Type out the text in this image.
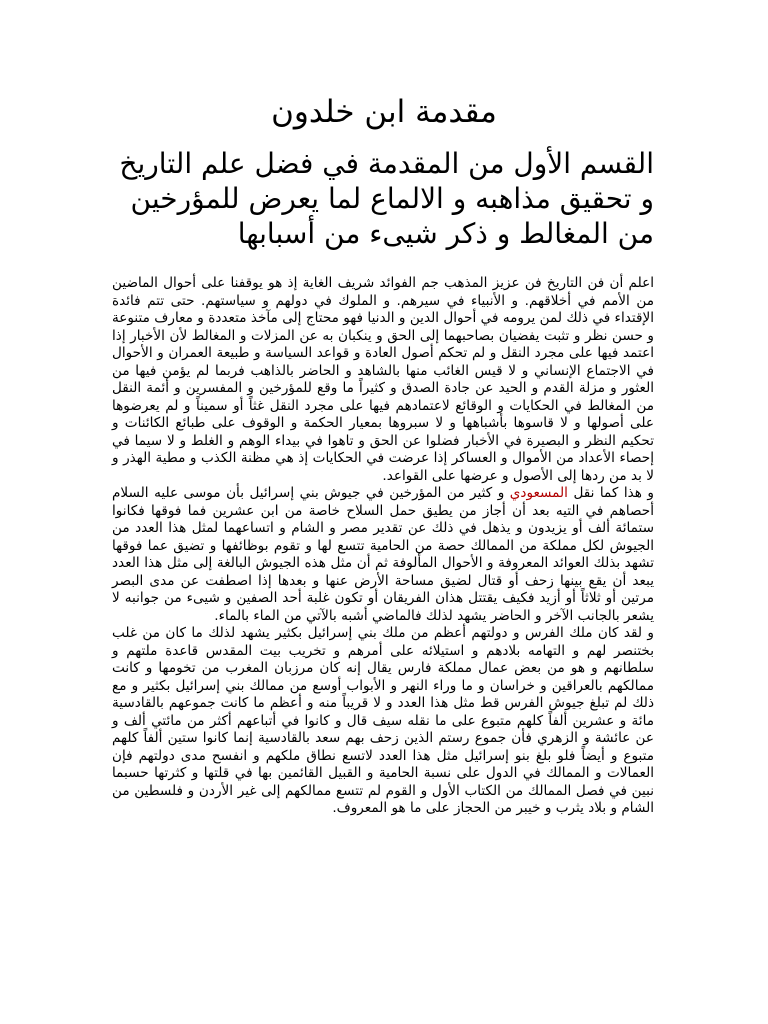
مقدمة ابن خلدون
القسم الأول من المقدمة في فضل علم التاريخ و تحقيق مذاهبه و الالماع لما يعرض للمؤرخين من المغالط و ذكر شيىء من أسبابها

اعلم أن فن التاريخ فن عزيز المذهب جم الفوائد شريف الغاية إذ هو يوقفنا على أحوال الماضين من الأمم في أخلاقهم. و الأنبياء في سيرهم. و الملوك في دولهم و سياستهم. حتى تتم فائدة الإقتداء في ذلك لمن يرومه في أحوال الدين و الدنيا فهو محتاج إلى مآخذ متعددة و معارف متنوعة و حسن نظر و تثبت يفضيان بصاحبهما إلى الحق و ينكبان به عن المزلات و المغالط لأن الأخبار إذا اعتمد فيها على مجرد النقل و لم تحكم أصول العادة و قواعد السياسة و طبيعة العمران و الأحوال في الاجتماع الإنساني و لا قيس الغائب منها بالشاهد و الحاضر بالذاهب فربما لم يؤمن فيها من العثور و مزلة القدم و الحيد عن جادة الصدق و كثيراً ما وقع للمؤرخين و المفسرين و أئمة النقل من المغالط في الحكايات و الوقائع لاعتمادهم فيها على مجرد النقل غثاً أو سميناً و لم يعرضوها على أصولها و لا قاسوها بأشباهها و لا سبروها بمعيار الحكمة و الوقوف على طبائع الكائنات و تحكيم النظر و البصيرة في الأخبار فضلوا عن الحق و تاهوا في بيداء الوهم و الغلط و لا سيما في إحصاء الأعداد من الأموال و العساكر إذا عرضت في الحكايات إذ هي مظنة الكذب و مطية الهذر و لا بد من ردها إلى الأصول و عرضها على القواعد.

و هذا كما نقل المسعودي و كثير من المؤرخين في جيوش بني إسرائيل بأن موسى عليه السلام أحصاهم في التيه بعد أن أجاز من يطيق حمل السلاح خاصة من ابن عشرين فما فوقها فكانوا ستمائة ألف أو يزيدون و يذهل في ذلك عن تقدير مصر و الشام و اتساعهما لمثل هذا العدد من الجيوش لكل مملكة من الممالك حصة من الحامية تتسع لها و تقوم بوظائفها و تضيق عما فوقها تشهد بذلك العوائد المعروفة و الأحوال المألوفة ثم أن مثل هذه الجيوش البالغة إلى مثل هذا العدد يبعد أن يقع بينها زحف أو قتال لضيق مساحة الأرض عنها و بعدها إذا اصطفت عن مدى البصر مرتين أو ثلاثاً أو أزيد فكيف يقتتل هذان الفريقان أو تكون غلبة أحد الصفين و شيىء من جوانبه لا يشعر بالجانب الآخر و الحاضر يشهد لذلك فالماضي أشبه بالآتي من الماء بالماء.

و لقد كان ملك الفرس و دولتهم أعظم من ملك بني إسرائيل بكثير يشهد لذلك ما كان من غلب بختنصر لهم و التهامه بلادهم و استيلائه على أمرهم و تخريب بيت المقدس قاعدة ملتهم و سلطانهم و هو من بعض عمال مملكة فارس يقال إنه كان مرزبان المغرب من تخومها و كانت ممالكهم بالعراقين و خراسان و ما وراء النهر و الأبواب أوسع من ممالك بني إسرائيل بكثير و مع ذلك لم تبلغ جيوش الفرس قط مثل هذا العدد و لا قريباً منه و أعظم ما كانت جموعهم بالقادسية مائة و عشرين ألفاً كلهم متبوع على ما نقله سيف قال و كانوا في أتباعهم أكثر من مائتي ألف و عن عائشة و الزهري فأن جموع رستم الذين زحف بهم سعد بالقادسية إنما كانوا ستين ألفاً كلهم متبوع و أيضاً فلو بلغ بنو إسرائيل مثل هذا العدد لاتسع نطاق ملكهم و انفسح مدى دولتهم فإن العمالات و الممالك في الدول على نسبة الحامية و القبيل القائمين بها في قلتها و كثرتها حسبما نبين في فصل الممالك من الكتاب الأول و القوم لم تتسع ممالكهم إلى غير الأردن و فلسطين من الشام و بلاد يثرب و خيبر من الحجاز على ما هو المعروف.
